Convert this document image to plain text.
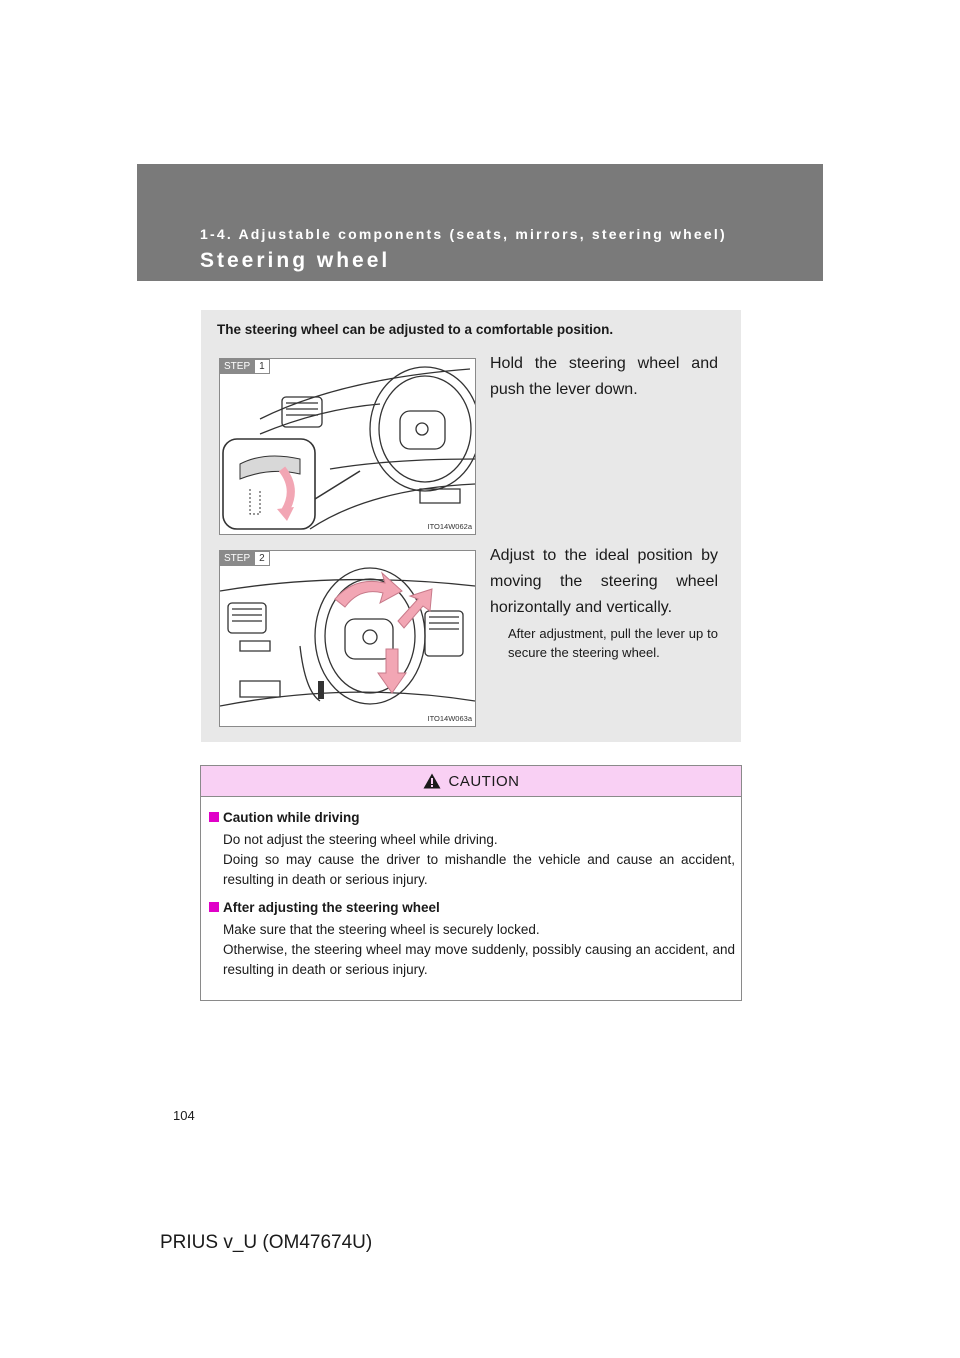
1-4. Adjustable components (seats, mirrors, steering wheel)
Steering wheel
The steering wheel can be adjusted to a comfortable position.
STEP 1
ITO14W062a
Hold the steering wheel and push the lever down.
STEP 2
ITO14W063a
Adjust to the ideal position by moving the steering wheel horizontally and vertically.
After adjustment, pull the lever up to secure the steering wheel.
CAUTION
Caution while driving

Do not adjust the steering wheel while driving.

Doing so may cause the driver to mishandle the vehicle and cause an accident, resulting in death or serious injury.

After adjusting the steering wheel

Make sure that the steering wheel is securely locked.

Otherwise, the steering wheel may move suddenly, possibly causing an accident, and resulting in death or serious injury.

104
PRIUS v_U (OM47674U)
